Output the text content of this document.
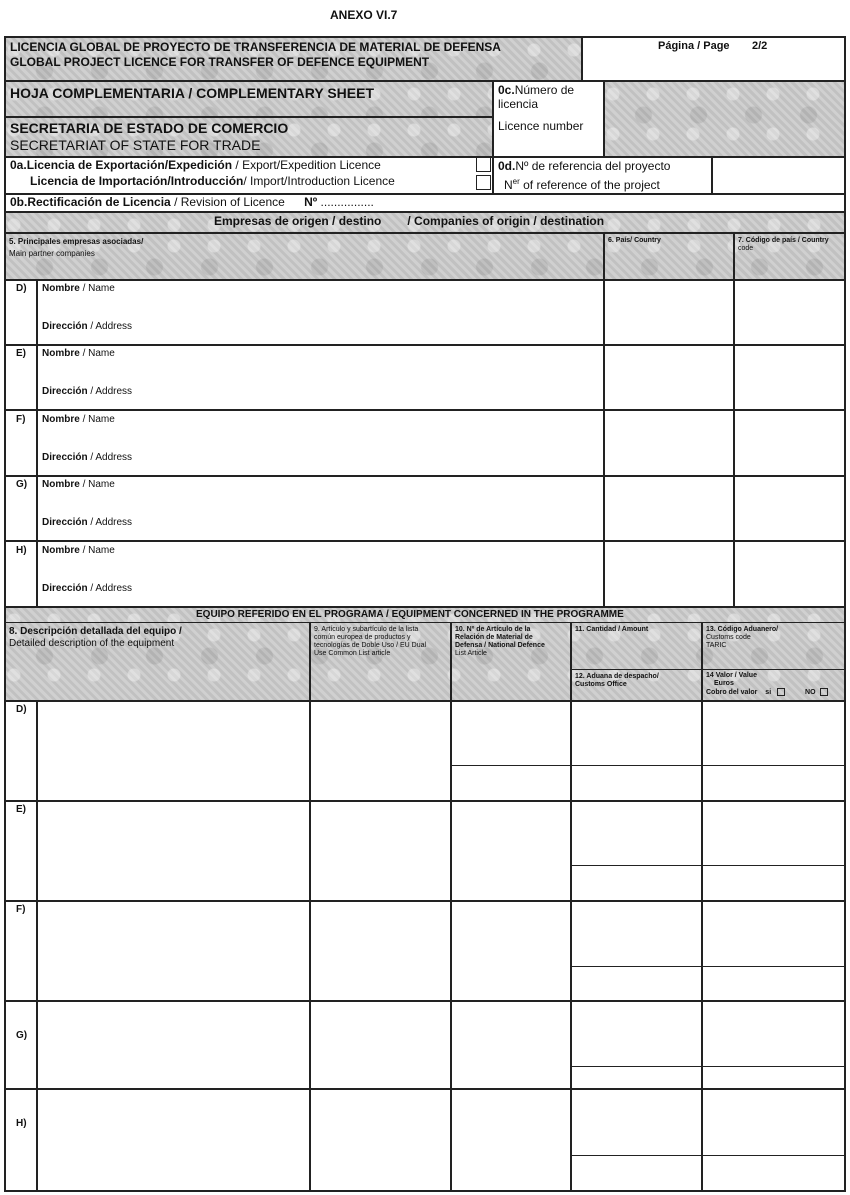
ANEXO VI.7
LICENCIA GLOBAL DE PROYECTO DE TRANSFERENCIA DE MATERIAL DE DEFENSA
GLOBAL PROJECT LICENCE FOR TRANSFER OF DEFENCE EQUIPMENT
Página / Page 2/2
HOJA COMPLEMENTARIA / COMPLEMENTARY SHEET
SECRETARIA DE ESTADO DE COMERCIO
SECRETARIAT OF STATE FOR TRADE
0c.Número de
licencia
Licence number
0a.Licencia de Exportación/Expedición / Export/Expedition Licence
Licencia de Importación/Introducción/ Import/Introduction Licence
0d.Nº de referencia del proyecto
$N^{er}$ of reference of the project
0b.Rectificación de Licencia / Revision of Licence Nº ................
Empresas de origen / destino / Companies of origin / destination
5. Principales empresas asociadas/
Main partner companies
6. País/ Country	7. Código de país / Country
code
D) Nombre / Name
Dirección / Address
E) Nombre / Name
Dirección / Address
F) Nombre / Name
Dirección / Address
G) Nombre / Name
Dirección / Address
H) Nombre / Name
Dirección / Address
EQUIPO REFERIDO EN EL PROGRAMA / EQUIPMENT CONCERNED IN THE PROGRAMME
8. Descripción detallada del equipo /
Detailed description of the equipment
9. Artículo y subartículo de la lista
común europea de productos y
tecnologías de Doble Uso / EU Dual
Use Common List article
10. Nº de Artículo de la
Relación de Material de
Defensa / National Defence
List Article
11. Cantidad / Amount
12. Aduana de despacho/
Customs Office
13. Código Aduanero/
Customs code
TARIC
14 Valor / Value
Euros
Cobro del valor si	NO
D)
E)
F)
G)
H)
